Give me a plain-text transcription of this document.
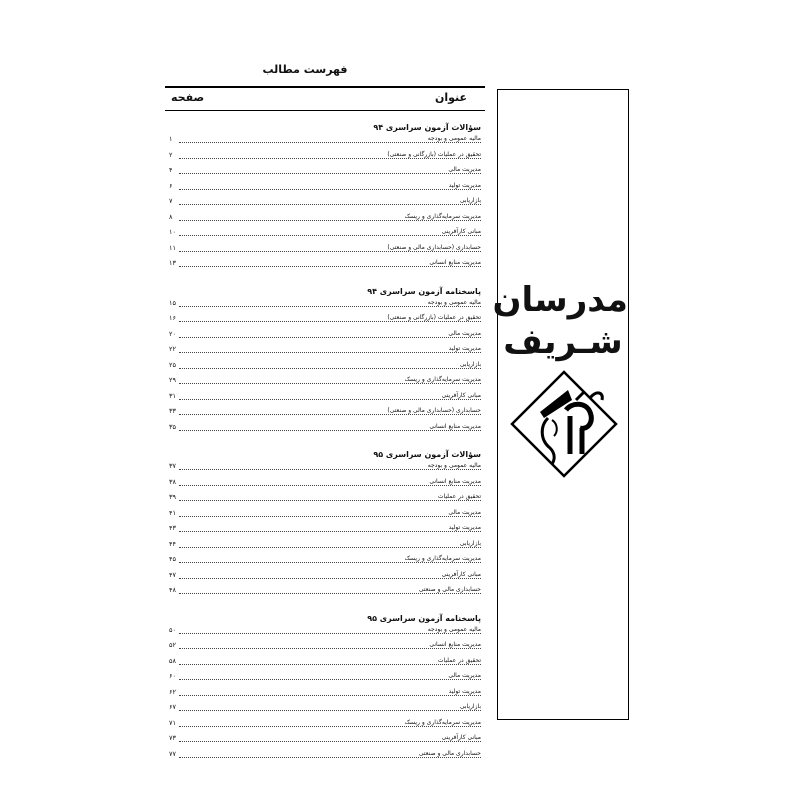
فهرست مطالب
عنوان
صفحه
سؤالات آزمون سراسری ۹۴
مالیه عمومی و بودجه
۱
تحقیق در عملیات (بازرگانی و صنعتی)
۲
مدیریت مالی
۴
مدیریت تولید
۶
بازاریابی
۷
مدیریت سرمایه‌گذاری و ریسک
۸
مبانی کارآفرینی
۱۰
حسابداری (حسابداری مالی و صنعتی)
۱۱
مدیریت منابع انسانی
۱۳
پاسخنامه آزمون سراسری ۹۴
مالیه عمومی و بودجه
۱۵
تحقیق در عملیات (بازرگانی و صنعتی)
۱۶
مدیریت مالی
۲۰
مدیریت تولید
۲۲
بازاریابی
۲۵
مدیریت سرمایه‌گذاری و ریسک
۲۹
مبانی کارآفرینی
۳۱
حسابداری (حسابداری مالی و صنعتی)
۳۳
مدیریت منابع انسانی
۳۵
سؤالات آزمون سراسری ۹۵
مالیه عمومی و بودجه
۳۷
مدیریت منابع انسانی
۳۸
تحقیق در عملیات
۳۹
مدیریت مالی
۴۱
مدیریت تولید
۴۳
بازاریابی
۴۴
مدیریت سرمایه‌گذاری و ریسک
۴۵
مبانی کارآفرینی
۴۷
حسابداری مالی و صنعتی
۴۸
پاسخنامه آزمون سراسری ۹۵
مالیه عمومی و بودجه
۵۰
مدیریت منابع انسانی
۵۲
تحقیق در عملیات
۵۸
مدیریت مالی
۶۰
مدیریت تولید
۶۲
بازاریابی
۶۷
مدیریت سرمایه‌گذاری و ریسک
۷۱
مبانی کارآفرینی
۷۳
حسابداری مالی و صنعتی
۷۷
مدرسان
شـریف
